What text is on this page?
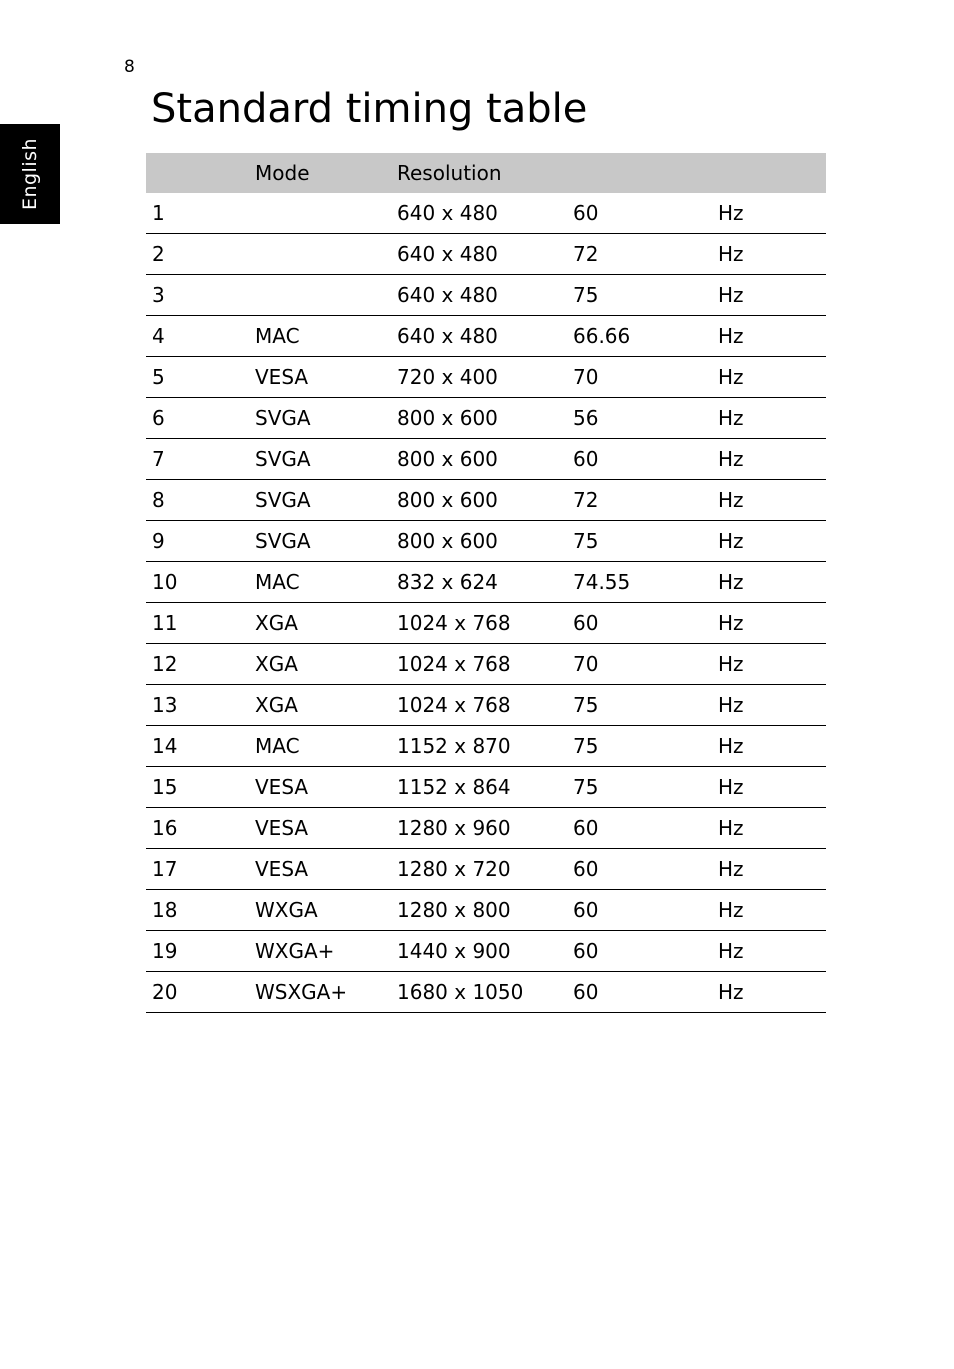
8
English
Standard timing table
	Mode	Resolution		
1		640 x 480	60	Hz
2		640 x 480	72	Hz
3		640 x 480	75	Hz
4	MAC	640 x 480	66.66	Hz
5	VESA	720 x 400	70	Hz
6	SVGA	800 x 600	56	Hz
7	SVGA	800 x 600	60	Hz
8	SVGA	800 x 600	72	Hz
9	SVGA	800 x 600	75	Hz
10	MAC	832 x 624	74.55	Hz
11	XGA	1024 x 768	60	Hz
12	XGA	1024 x 768	70	Hz
13	XGA	1024 x 768	75	Hz
14	MAC	1152 x 870	75	Hz
15	VESA	1152 x 864	75	Hz
16	VESA	1280 x 960	60	Hz
17	VESA	1280 x 720	60	Hz
18	WXGA	1280 x 800	60	Hz
19	WXGA+	1440 x 900	60	Hz
20	WSXGA+	1680 x 1050	60	Hz
